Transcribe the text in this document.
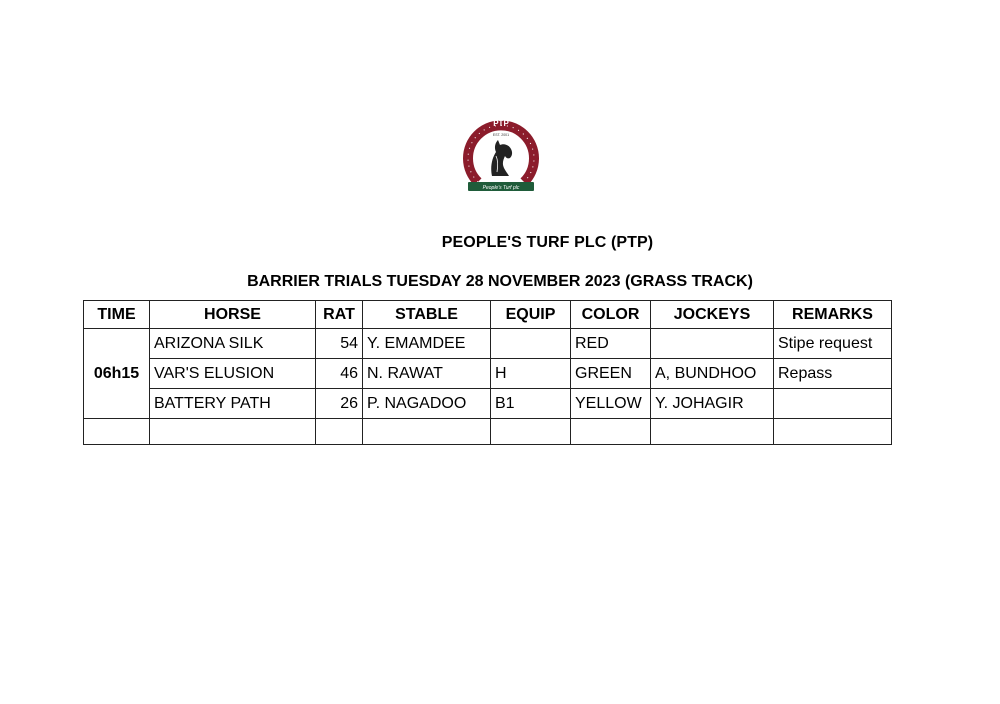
PTP
EST. 2001
People's Turf plc
PEOPLE'S TURF PLC (PTP)
BARRIER TRIALS TUESDAY 28 NOVEMBER 2023 (GRASS TRACK)
TIME	HORSE	RAT	STABLE	EQUIP	COLOR	JOCKEYS	REMARKS
06h15	ARIZONA SILK	54	Y. EMAMDEE		RED		Stipe request
	VAR'S ELUSION	46	N. RAWAT	H	GREEN	A, BUNDHOO	Repass
	BATTERY PATH	26	P. NAGADOO	B1	YELLOW	Y. JOHAGIR	
